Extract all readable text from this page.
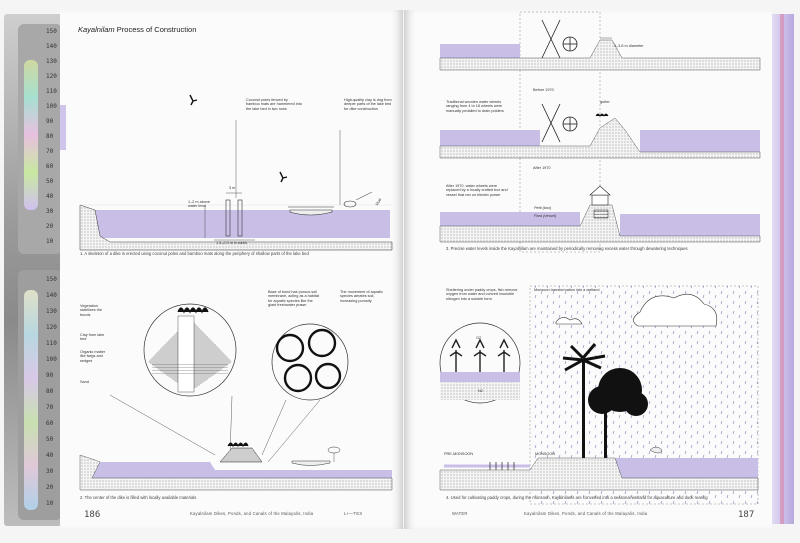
150
140
130
120
110
100
90
80
70
60
50
40
30
20
10
150
140
130
120
110
100
90
80
70
60
50
40
30
20
10
Kayalnilam Process of Construction
Coconut poles fenced by bamboo mats are hammered into the lake bed in two rows
High-quality clay is dug from deeper parts of the lake bed for dike construction
1–2 m above water level
3 m
1.5–2.5 m in width
Mud
1. A skeleton of a dike is erected using coconut poles and bamboo mats along the periphery of shallow parts of the lake bed
Vegetation stabilizes the bunds
Clay from lake bed
Organic matter like twigs and sedges
Sand
Base of bund has porous soil membrane, acting as a habitat for aquatic species like the giant freshwater prawn
The movement of aquatic species aerates soil, increasing porosity
2. The center of the dike is filled with locally available materials
186	Kayalnilam Dikes, Ponds, and Canals of the Malayalis, India	L+—TEX
3–3.6 m diameter
Before 1970
Traditional wooden water wheels ranging from 4 to 18 wheels were manually pedalled to drain polders
gutter
After 1970
After 1970, water wheels were replaced by a locally crafted box and vessel that ran on electric power
Petti (box)
Para (vessel)
3. Precise water levels inside the Kayalnilam are maintained by periodically removing excess water through dewatering techniques
Sheltering under paddy crops, fish remove oxygen from water and convert insoluble nitrogen into a soluble form
Monsoon transformation into a wetland
O2
N2
PRE-MONSOON	MONSOON
4. Used for cultivating paddy crops, during the monsoon, Kayalnilams are converted into a seasonal wetland for aquaculture and duck rearing
WATER	Kayalnilam Dikes, Ponds, and Canals of the Malayalis, India	187
